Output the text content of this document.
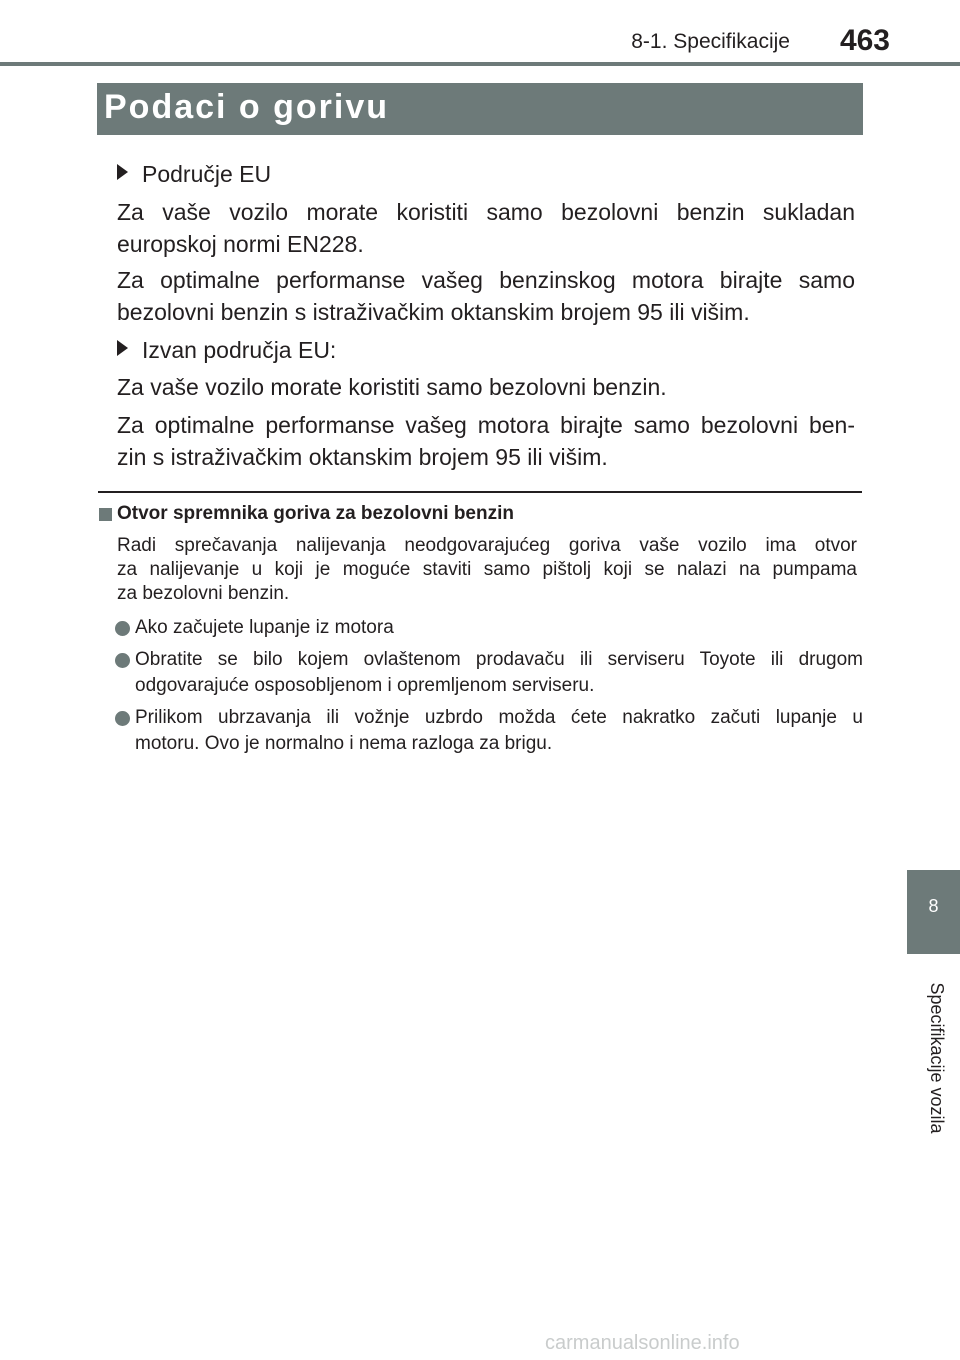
8-1. Specifikacije 463
Podaci o gorivu
Područje EU
Za vaše vozilo morate koristiti samo bezolovni benzin sukladan
europskoj normi EN228.
Za optimalne performanse vašeg benzinskog motora birajte samo
bezolovni benzin s istraživačkim oktanskim brojem 95 ili višim.
Izvan područja EU:
Za vaše vozilo morate koristiti samo bezolovni benzin.
Za optimalne performanse vašeg motora birajte samo bezolovni ben-
zin s istraživačkim oktanskim brojem 95 ili višim.
Otvor spremnika goriva za bezolovni benzin
Radi sprečavanja nalijevanja neodgovarajućeg goriva vaše vozilo ima otvor
za nalijevanje u koji je moguće staviti samo pištolj koji se nalazi na pumpama
za bezolovni benzin.
Ako začujete lupanje iz motora
Obratite se bilo kojem ovlaštenom prodavaču ili serviseru Toyote ili drugom
odgovarajuće osposobljenom i opremljenom serviseru.
Prilikom ubrzavanja ili vožnje uzbrdo možda ćete nakratko začuti lupanje u
motoru. Ovo je normalno i nema razloga za brigu.
8
Specifikacije vozila
carmanualsonline.info
